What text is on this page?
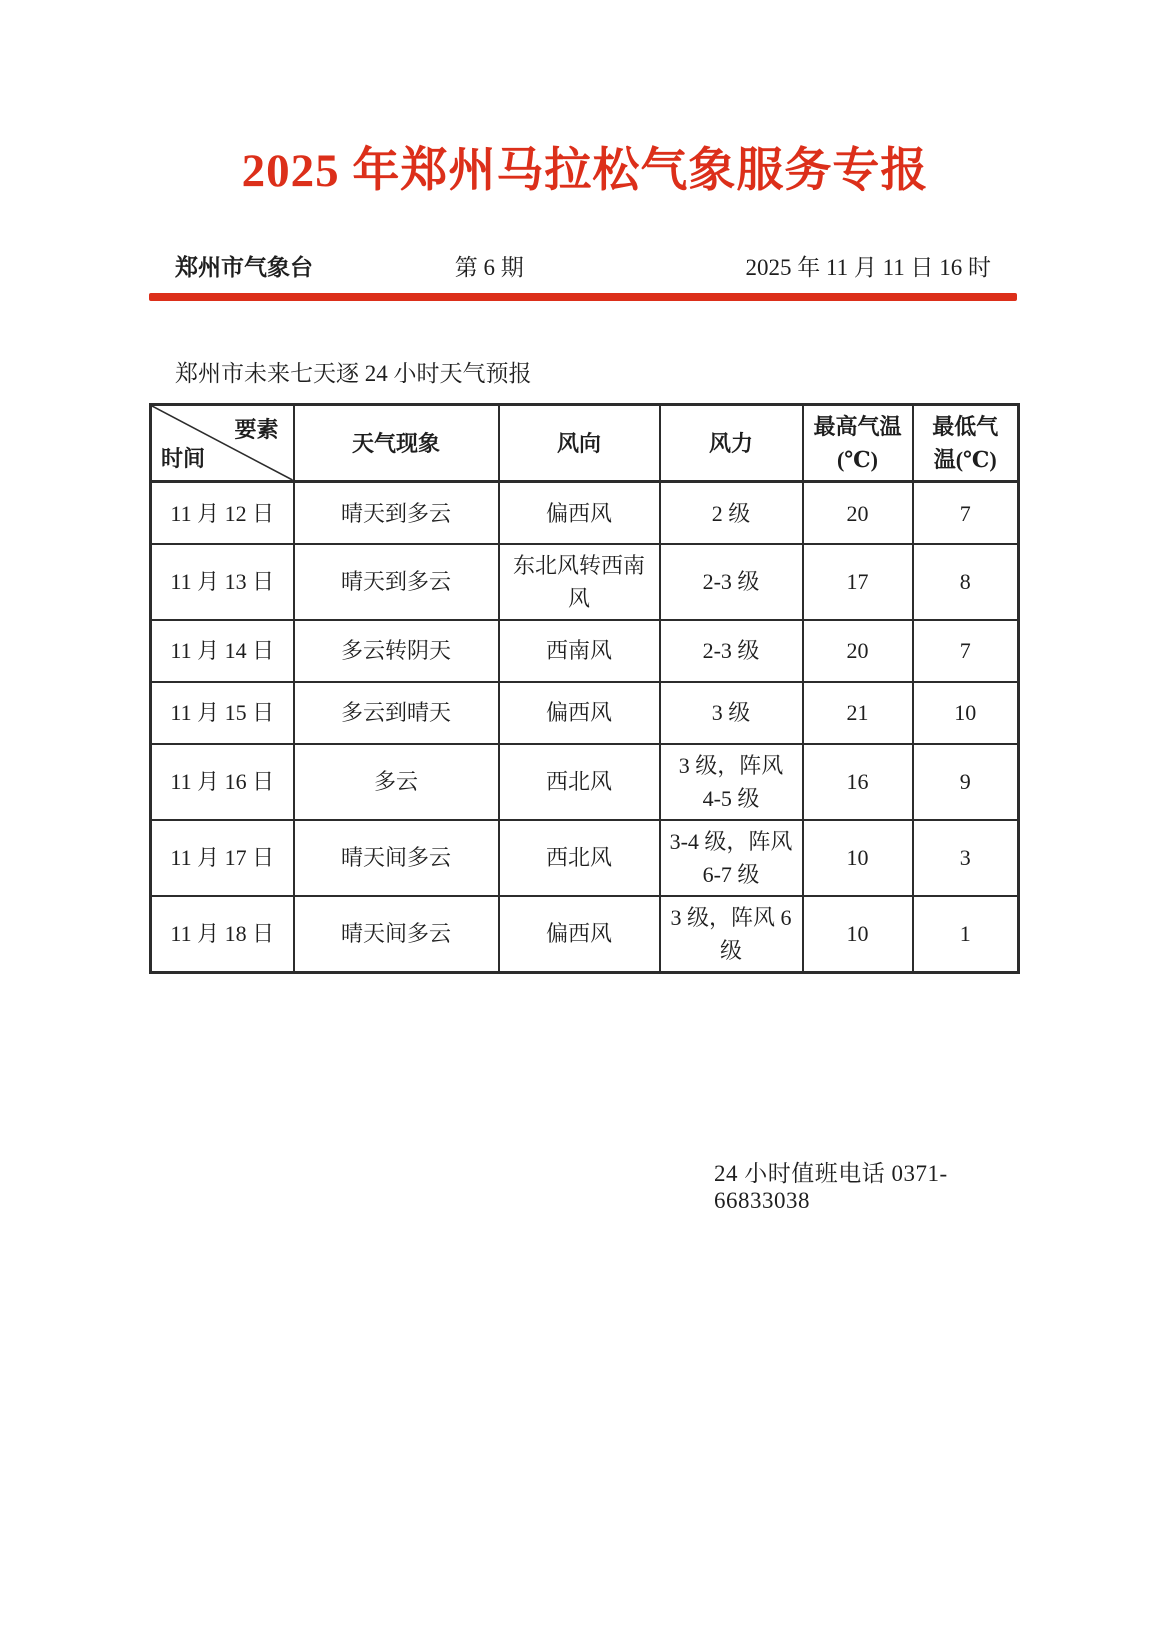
2025 年郑州马拉松气象服务专报
郑州市气象台	第 6 期	2025 年 11 月 11 日 16 时
郑州市未来七天逐 24 小时天气预报
要素
时间	天气现象	风向	风力	最高气温(℃)	最低气温(℃)
11 月 12 日	晴天到多云	偏西风	2 级	20	7
11 月 13 日	晴天到多云	东北风转西南风	2-3 级	17	8
11 月 14 日	多云转阴天	西南风	2-3 级	20	7
11 月 15 日	多云到晴天	偏西风	3 级	21	10
11 月 16 日	多云	西北风	3 级，阵风 4-5 级	16	9
11 月 17 日	晴天间多云	西北风	3-4 级，阵风 6-7 级	10	3
11 月 18 日	晴天间多云	偏西风	3 级，阵风 6 级	10	1
24 小时值班电话 0371-66833038
